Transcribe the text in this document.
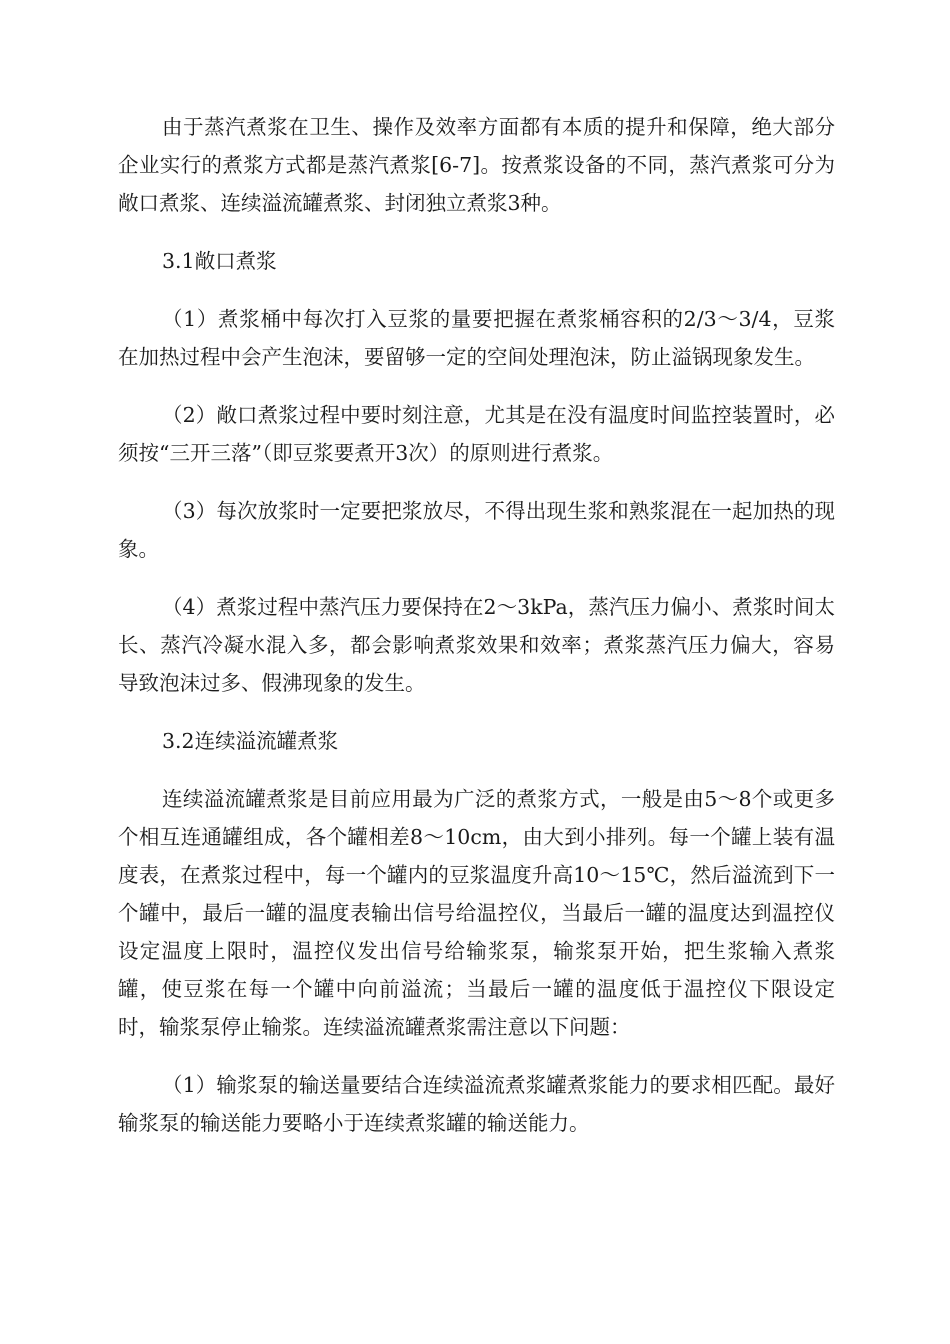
由于蒸汽煮浆在卫生、操作及效率方面都有本质的提升和保障，绝大部分企业实行的煮浆方式都是蒸汽煮浆[6-7]。按煮浆设备的不同，蒸汽煮浆可分为敞口煮浆、连续溢流罐煮浆、封闭独立煮浆3种。

3.1敞口煮浆

（1）煮浆桶中每次打入豆浆的量要把握在煮浆桶容积的2/3～3/4，豆浆在加热过程中会产生泡沫，要留够一定的空间处理泡沫，防止溢锅现象发生。

（2）敞口煮浆过程中要时刻注意，尤其是在没有温度时间监控装置时，必须按“三开三落”（即豆浆要煮开3次）的原则进行煮浆。

（3）每次放浆时一定要把浆放尽，不得出现生浆和熟浆混在一起加热的现象。

（4）煮浆过程中蒸汽压力要保持在2～3kPa，蒸汽压力偏小、煮浆时间太长、蒸汽冷凝水混入多，都会影响煮浆效果和效率；煮浆蒸汽压力偏大，容易导致泡沫过多、假沸现象的发生。

3.2连续溢流罐煮浆

连续溢流罐煮浆是目前应用最为广泛的煮浆方式，一般是由5～8个或更多个相互连通罐组成，各个罐相差8～10cm，由大到小排列。每一个罐上装有温度表，在煮浆过程中，每一个罐内的豆浆温度升高10～15℃，然后溢流到下一个罐中，最后一罐的温度表输出信号给温控仪，当最后一罐的温度达到温控仪设定温度上限时，温控仪发出信号给输浆泵，输浆泵开始，把生浆输入煮浆罐，使豆浆在每一个罐中向前溢流；当最后一罐的温度低于温控仪下限设定时，输浆泵停止输浆。连续溢流罐煮浆需注意以下问题：

（1）输浆泵的输送量要结合连续溢流煮浆罐煮浆能力的要求相匹配。最好输浆泵的输送能力要略小于连续煮浆罐的输送能力。
